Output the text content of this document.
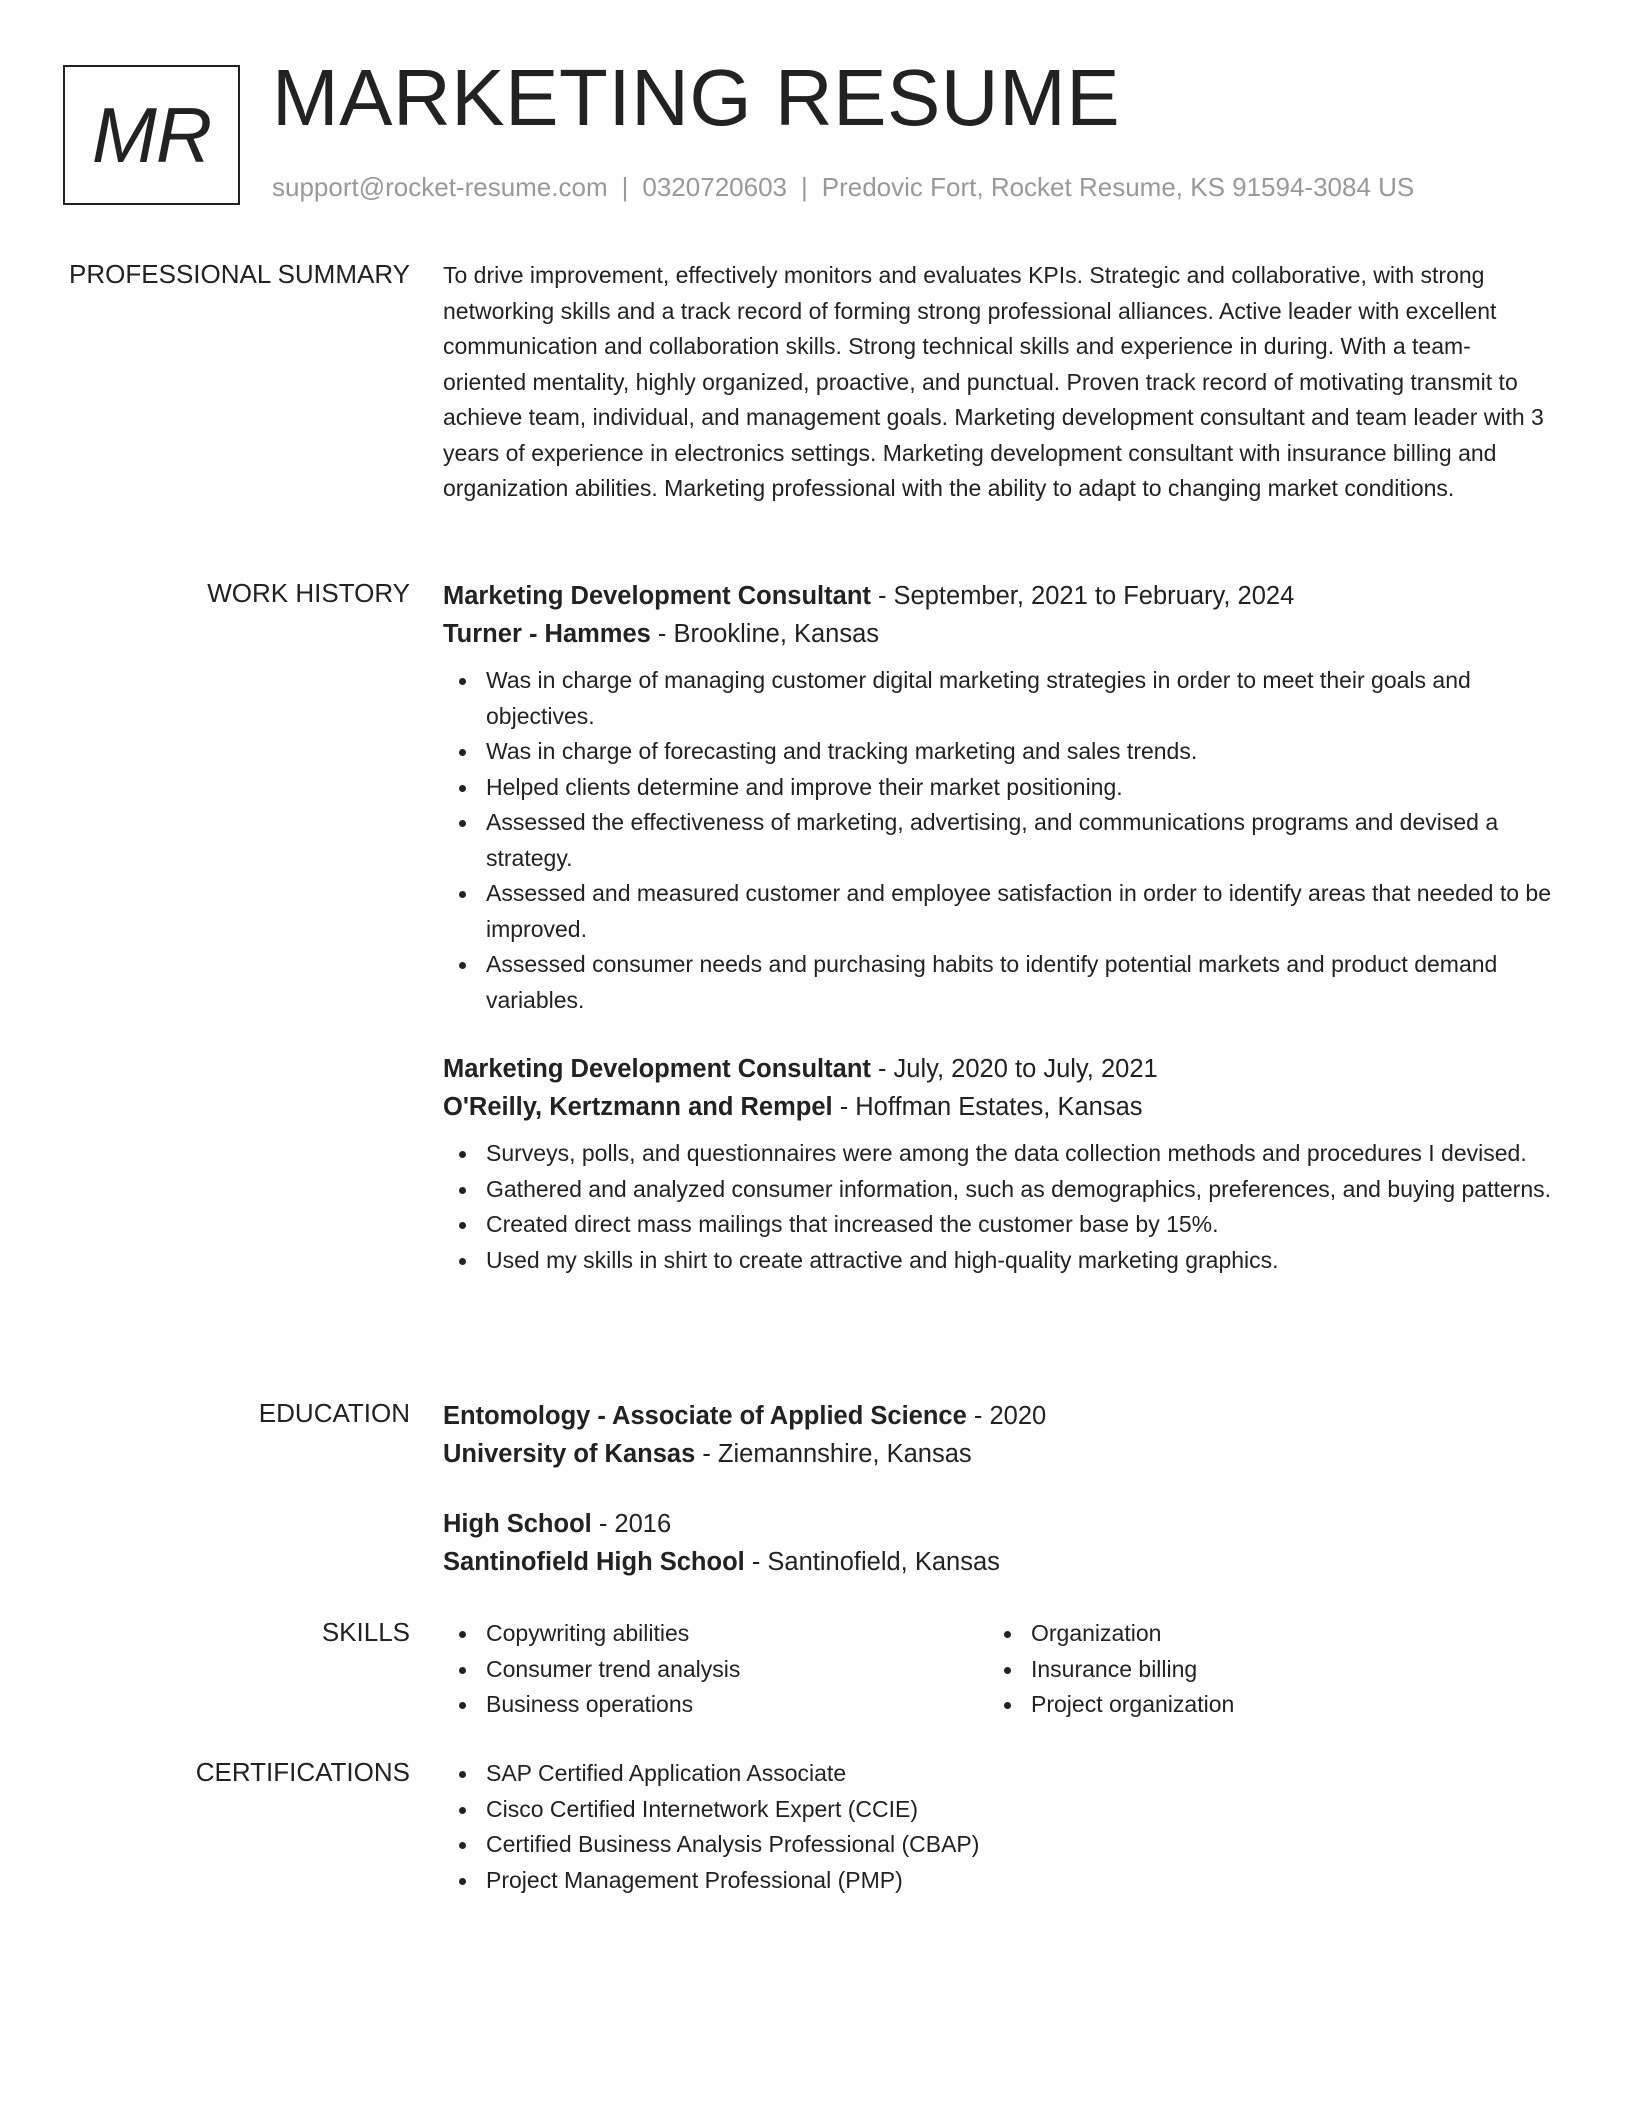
MR MARKETING RESUME
support@rocket-resume.com | 0320720603 | Predovic Fort, Rocket Resume, KS 91594-3084 US
PROFESSIONAL SUMMARY To drive improvement, effectively monitors and evaluates KPIs. Strategic and collaborative, with strong networking skills and a track record of forming strong professional alliances. Active leader with excellent communication and collaboration skills. Strong technical skills and experience in during. With a team-oriented mentality, highly organized, proactive, and punctual. Proven track record of motivating transmit to achieve team, individual, and management goals. Marketing development consultant and team leader with 3 years of experience in electronics settings. Marketing development consultant with insurance billing and organization abilities. Marketing professional with the ability to adapt to changing market conditions.

WORK HISTORY Marketing Development Consultant - September, 2021 to February, 2024

Turner - Hammes - Brookline, Kansas

Was in charge of managing customer digital marketing strategies in order to meet their goals and objectives.
Was in charge of forecasting and tracking marketing and sales trends.
Helped clients determine and improve their market positioning.
Assessed the effectiveness of marketing, advertising, and communications programs and devised a strategy.
Assessed and measured customer and employee satisfaction in order to identify areas that needed to be improved.
Assessed consumer needs and purchasing habits to identify potential markets and product demand variables.

Marketing Development Consultant - July, 2020 to July, 2021

O'Reilly, Kertzmann and Rempel - Hoffman Estates, Kansas

Surveys, polls, and questionnaires were among the data collection methods and procedures I devised.
Gathered and analyzed consumer information, such as demographics, preferences, and buying patterns.
Created direct mass mailings that increased the customer base by 15%.
Used my skills in shirt to create attractive and high-quality marketing graphics.
EDUCATION Entomology - Associate of Applied Science - 2020

University of Kansas - Ziemannshire, Kansas

High School - 2016

Santinofield High School - Santinofield, Kansas

SKILLS	Copywriting abilities
Consumer trend analysis
Business operations
Organization
Insurance billing
Project organization
CERTIFICATIONS	SAP Certified Application Associate
Cisco Certified Internetwork Expert (CCIE)
Certified Business Analysis Professional (CBAP)
Project Management Professional (PMP)
